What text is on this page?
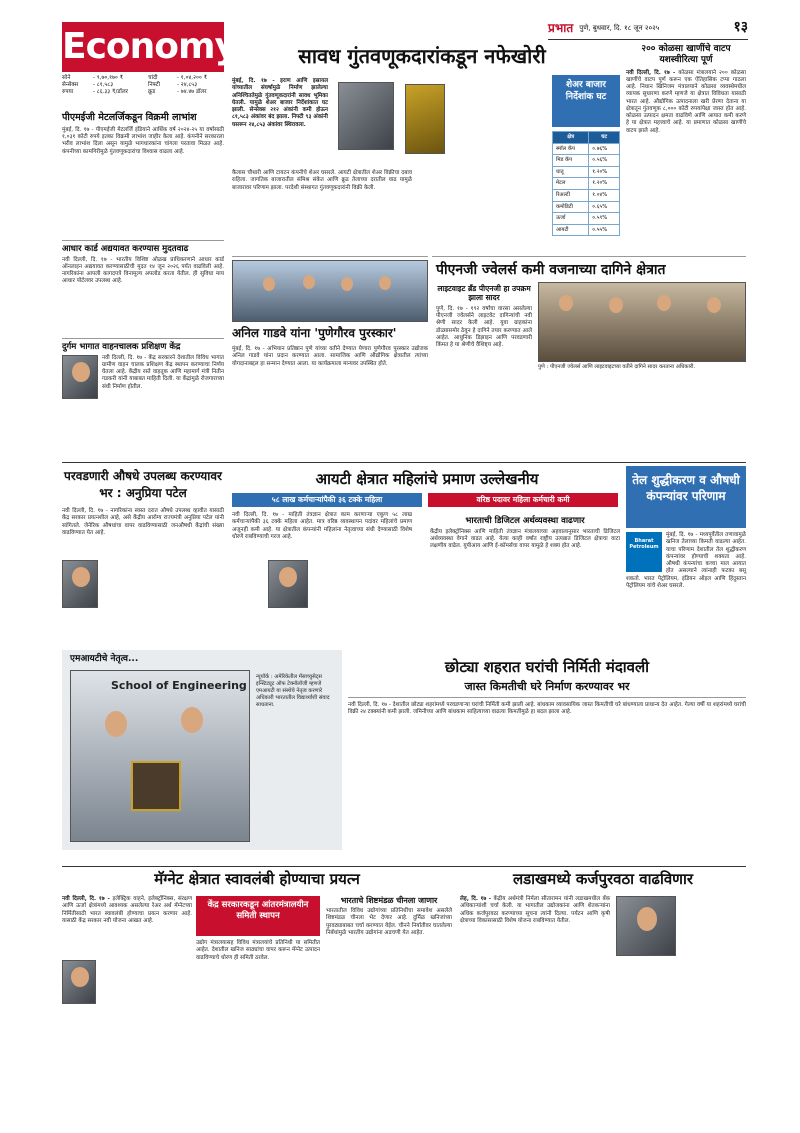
Economy	प्रभात पुणे, बुधवार, दि. १८ जून २०२५	१३
सोने	- ९,७०,१७० ₹	चांदी	- १,०४,२०० ₹
सेन्सेक्स	- ८१,५८३	निफ्टी	- २४,८५३
रुपया	- ८६.३३ ₹/डॉलर	क्रूड	- ७४.४७ डॉलर
सावध गुंतवणूकदारांकडून नफेखोरी
पीएमईजी मेटलर्जिकडून विक्रमी लाभांश

मुंबई, दि. १७ - पीएमईजी मेटलर्जि इंडियाने आर्थिक वर्ष २०२४-२५ या वर्षासाठी १,०३१ कोटी रुपये इतका विक्रमी लाभांश जाहीर केला आहे. कंपनीने सरकारला भरीव लाभांश दिला असून यामुळे भागधारकांना चांगला परतावा मिळत आहे. कंपनीच्या कामगिरीमुळे गुंतवणूकदारांचा विश्वास वाढला आहे.

आधार कार्ड अद्ययावत करण्यास मुदतवाढ

नवी दिल्ली, दि. १७ - भारतीय विशिष्ट ओळख प्राधिकरणाने आधार कार्ड ऑनलाइन अद्ययावत करण्यासाठीची मुदत १४ जून २०२६ पर्यंत वाढविली आहे. नागरिकांना आपली कागदपत्रे विनामूल्य अपलोड करता येतील. ही सुविधा माय आधार पोर्टलवर उपलब्ध आहे.

दुर्गम भागात वाहनचालक प्रशिक्षण केंद्र

नवी दिल्ली, दि. १७ - केंद्र सरकारने देशातील विविध भागात ग्रामीण वाहन चालक प्रशिक्षण केंद्र स्थापन करण्याचा निर्णय घेतला आहे. केंद्रीय रस्ते वाहतूक आणि महामार्ग मंत्री नितीन गडकरी यांनी याबाबत माहिती दिली. या केंद्रांमुळे रोजगाराच्या संधी निर्माण होतील.

मुंबई, दि. १७ - इराण आणि इस्रायल यांच्यातील संघर्षामुळे निर्माण झालेल्या अनिश्चिततेमुळे गुंतवणूकदारांनी सावध भूमिका घेतली. यामुळे शेअर बाजार निर्देशांकात घट झाली. सेन्सेक्स २१२ अंकांनी कमी होऊन ८१,५८३ अंकांवर बंद झाला. निफ्टी ९३ अंकांनी घसरून २४,८५३ अंकांवर स्थिरावला.

कैलास चौथारी आणि टायटन कंपनीचे शेअर घसरले. आयटी क्षेत्रातील शेअर विक्रीचा दबाव राहिला. जागतिक बाजारातील संमिश्र संकेत आणि क्रूड तेलाच्या दरातील वाढ यामुळे बाजारावर परिणाम झाला. परदेशी संस्थागत गुंतवणूकदारांनी विक्री केली.

शेअर बाजार निर्देशांक घट
क्षेत्र	घट
स्मॉल कॅप	०.७६%
मिड कॅप	०.५६%
धातू	१.२०%
मेटल	१.२०%
रिअल्टी	१.०४%
कमोडिटी	०.६५%
ऊर्जा	०.५९%
आयटी	०.५५%
२०० कोळसा खाणींचे वाटप यशस्वीरित्या पूर्ण

नवी दिल्ली, दि. १७ - कोळसा मंत्रालयाने २०० कोळसा खाणींचे वाटप पूर्ण करून एक ऐतिहासिक टप्पा गाठला आहे. निधान खिनिजम मंत्रालयाने कोळसा व्यवस्थेमधील व्यापक सुधारणा करणे म्हणजे या क्षेत्रात विविधता यासाठी भारत आहे. औद्योगिक उत्पादनाला खरी प्रेरणा देताना या क्षेत्रातून गुंतवणूक ८,००० कोटी रुपयांपेक्षा जास्त होत आहे. कोळसा उत्पादन क्षमता वाढविणे आणि आयात कमी करणे हे या क्षेत्रात महत्त्वाचे आहे. या प्रमाणात कोळसा खाणींचे वाटप झाले आहे.

अनिल गाडवे यांना 'पुणेगौरव पुरस्कार'

मुंबई, दि. १७ - अभियान प्रतिष्ठान पुणे यांच्या वतीने देण्यात येणारा पुणेगौरव पुरस्कार उद्योजक अनिल गाडवे यांना प्रदान करण्यात आला. सामाजिक आणि औद्योगिक क्षेत्रातील त्यांच्या योगदानाबद्दल हा सन्मान देण्यात आला. या कार्यक्रमाला मान्यवर उपस्थित होते.

पीएनजी ज्वेलर्स कमी वजनाच्या दागिने क्षेत्रात
लाइटवाइट ब्रँड पीएनजी हा उपक्रम झाला सादर

पुणे, दि. १७ - १९२ वर्षांचा वारसा असलेल्या पीएनजी ज्वेलर्सने लाइटवेट दागिन्यांची नवी श्रेणी सादर केली आहे. युवा ग्राहकांना डोळ्यासमोर ठेवून हे दागिने तयार करण्यात आले आहेत. आधुनिक डिझाइन आणि परवडणारी किंमत हे या श्रेणीचे वैशिष्ट्य आहे.

पुणे : पीएनजी ज्वेलर्स आणि लाइटवाइटच्या वतीने दागिने सादर करताना अधिकारी.
परवडणारी औषधे उपलब्ध करण्यावर भर : अनुप्रिया पटेल

नवी दिल्ली, दि. १७ - नागरिकांना स्वस्त दरात औषधे उपलब्ध व्हावीत यासाठी केंद्र सरकार प्रयत्नशील आहे, असे केंद्रीय आरोग्य राज्यमंत्री अनुप्रिया पटेल यांनी सांगितले. जेनेरिक औषधांचा वापर वाढविण्यासाठी जनऔषधी केंद्रांची संख्या वाढविण्यात येत आहे.

आयटी क्षेत्रात महिलांचे प्रमाण उल्लेखनीय
५८ लाख कर्मचाऱ्यांपैकी ३६ टक्के महिला	वरिष्ठ पदावर महिला कर्मचारी कमी

नवी दिल्ली, दि. १७ - माहिती तंत्रज्ञान क्षेत्रात काम करणाऱ्या एकूण ५८ लाख कर्मचाऱ्यांपैकी ३६ टक्के महिला आहेत. मात्र वरिष्ठ व्यवस्थापन पदांवर महिलांचे प्रमाण अजूनही कमी आहे. या क्षेत्रातील कंपन्यांनी महिलांना नेतृत्वाच्या संधी देण्यासाठी विशेष धोरणे राबविण्याची गरज आहे.

भारताची डिजिटल अर्थव्यवस्था वाढणार

केंद्रीय इलेक्ट्रॉनिक्स आणि माहिती तंत्रज्ञान मंत्रालयाच्या अहवालानुसार भारताची डिजिटल अर्थव्यवस्था वेगाने वाढत आहे. येत्या काही वर्षांत राष्ट्रीय उत्पन्नात डिजिटल क्षेत्राचा वाटा लक्षणीय वाढेल. युपीआय आणि ई-कॉमर्सचा वापर यामुळे हे शक्य होत आहे.

तेल शुद्धीकरण व औषधी कंपन्यांवर परिणाम
Bharat Petroleum

मुंबई, दि. १७ - मध्यपूर्वेतील तणावामुळे खनिज तेलाच्या किमती वाढल्या आहेत. याचा परिणाम देशातील तेल शुद्धीकरण कंपन्यांवर होण्याची शक्यता आहे. औषधी कंपन्यांचा कच्चा माल आयात होत असल्याने त्यांनाही फटका बसू शकतो. भारत पेट्रोलियम, इंडियन ऑइल आणि हिंदुस्तान पेट्रोलियम यांचे शेअर घसरले.

एमआयटीचे नेतृत्व...
School of Engineering
न्यूयॉर्क : अमेरिकेतील मॅसाच्युसेट्स इन्स्टिट्यूट ऑफ टेक्नॉलॉजी म्हणजे एमआयटी या संस्थेचे नेतृत्व करणारे अधिकारी भारतातील विद्यार्थ्यांशी संवाद साधताना.
छोट्या शहरात घरांची निर्मिती मंदावली
जास्त किमतीची घरे निर्माण करण्यावर भर

नवी दिल्ली, दि. १७ - देशातील छोट्या शहरांमध्ये परवडणाऱ्या घरांची निर्मिती कमी झाली आहे. बांधकाम व्यावसायिक जास्त किमतीची घरे बांधण्याला प्राधान्य देत आहेत. गेल्या वर्षी या शहरांमध्ये घरांची विक्री २४ टक्क्यांनी कमी झाली. जमिनीच्या आणि बांधकाम साहित्याच्या वाढत्या किमतींमुळे हा बदल झाला आहे.

मॅग्नेट क्षेत्रात स्वावलंबी होण्याचा प्रयत्न

नवी दिल्ली, दि. १७ - इलेक्ट्रिक वाहने, इलेक्ट्रॉनिक्स, संरक्षण आणि ऊर्जा क्षेत्रांमध्ये आवश्यक असलेल्या रेअर अर्थ मॅग्नेटच्या निर्मितीसाठी भारत स्वावलंबी होण्याचा प्रयत्न करणार आहे. यासाठी केंद्र सरकार नवी योजना आखत आहे.

केंद्र सरकारकडून आंतरमंत्रालयीन समिती स्थापन

उद्योग मंत्रालयासह विविध मंत्रालयांचे प्रतिनिधी या समितीत आहेत. देशातील खनिज साठ्यांचा वापर करून मॅग्नेट उत्पादन वाढविण्याचे धोरण ही समिती ठरवेल.

भारताचे शिष्टमंडळ चीनला जाणार

भारतातील विविध उद्योगांच्या प्रतिनिधींचा समावेश असलेले शिष्टमंडळ चीनला भेट देणार आहे. दुर्मिळ खनिजांच्या पुरवठ्याबाबत चर्चा करण्यात येईल. चीनने निर्यातीवर घातलेल्या निर्बंधांमुळे भारतीय उद्योगांना अडचणी येत आहेत.

लडाखमध्ये कर्जपुरवठा वाढविणार

लेह, दि. १७ - केंद्रीय अर्थमंत्री निर्मला सीतारामन यांनी लडाखमधील बँक अधिकाऱ्यांशी चर्चा केली. या भागातील उद्योजकांना आणि शेतकऱ्यांना अधिक कर्जपुरवठा करण्याच्या सूचना त्यांनी दिल्या. पर्यटन आणि कृषी क्षेत्राच्या विकासासाठी विशेष योजना राबविण्यात येतील.
